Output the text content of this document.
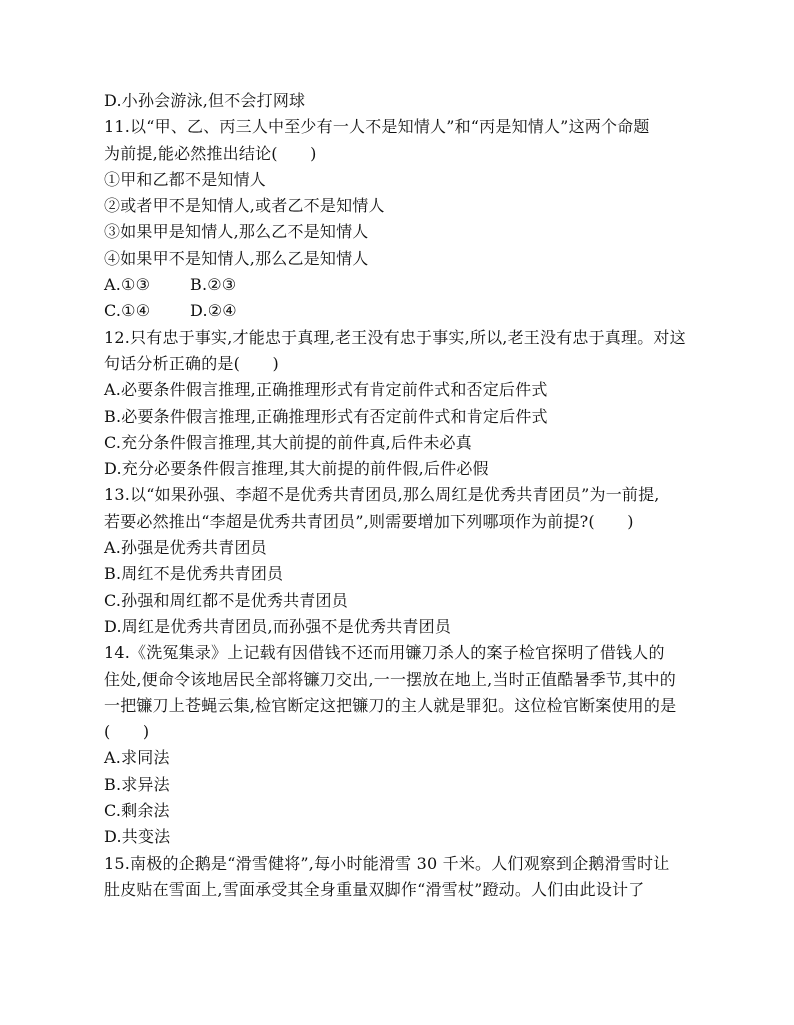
D.小孙会游泳,但不会打网球
11.以“甲、乙、丙三人中至少有一人不是知情人”和“丙是知情人”这两个命题
为前提,能必然推出结论(　　)
①甲和乙都不是知情人
②或者甲不是知情人,或者乙不是知情人
③如果甲是知情人,那么乙不是知情人
④如果甲不是知情人,那么乙是知情人
A.①③	B.②③
C.①④	D.②④
12.只有忠于事实,才能忠于真理,老王没有忠于事实,所以,老王没有忠于真理。对这
句话分析正确的是(　　)
A.必要条件假言推理,正确推理形式有肯定前件式和否定后件式
B.必要条件假言推理,正确推理形式有否定前件式和肯定后件式
C.充分条件假言推理,其大前提的前件真,后件未必真
D.充分必要条件假言推理,其大前提的前件假,后件必假
13.以“如果孙强、李超不是优秀共青团员,那么周红是优秀共青团员”为一前提,
若要必然推出“李超是优秀共青团员”,则需要增加下列哪项作为前提?(　　)
A.孙强是优秀共青团员
B.周红不是优秀共青团员
C.孙强和周红都不是优秀共青团员
D.周红是优秀共青团员,而孙强不是优秀共青团员
14.《洗冤集录》上记载有因借钱不还而用镰刀杀人的案子检官探明了借钱人的
住处,便命令该地居民全部将镰刀交出,一一摆放在地上,当时正值酷暑季节,其中的
一把镰刀上苍蝇云集,检官断定这把镰刀的主人就是罪犯。这位检官断案使用的是
(　　)
A.求同法
B.求异法
C.剩余法
D.共变法
15.南极的企鹅是“滑雪健将”,每小时能滑雪 30 千米。人们观察到企鹅滑雪时让
肚皮贴在雪面上,雪面承受其全身重量双脚作“滑雪杖”蹬动。人们由此设计了
